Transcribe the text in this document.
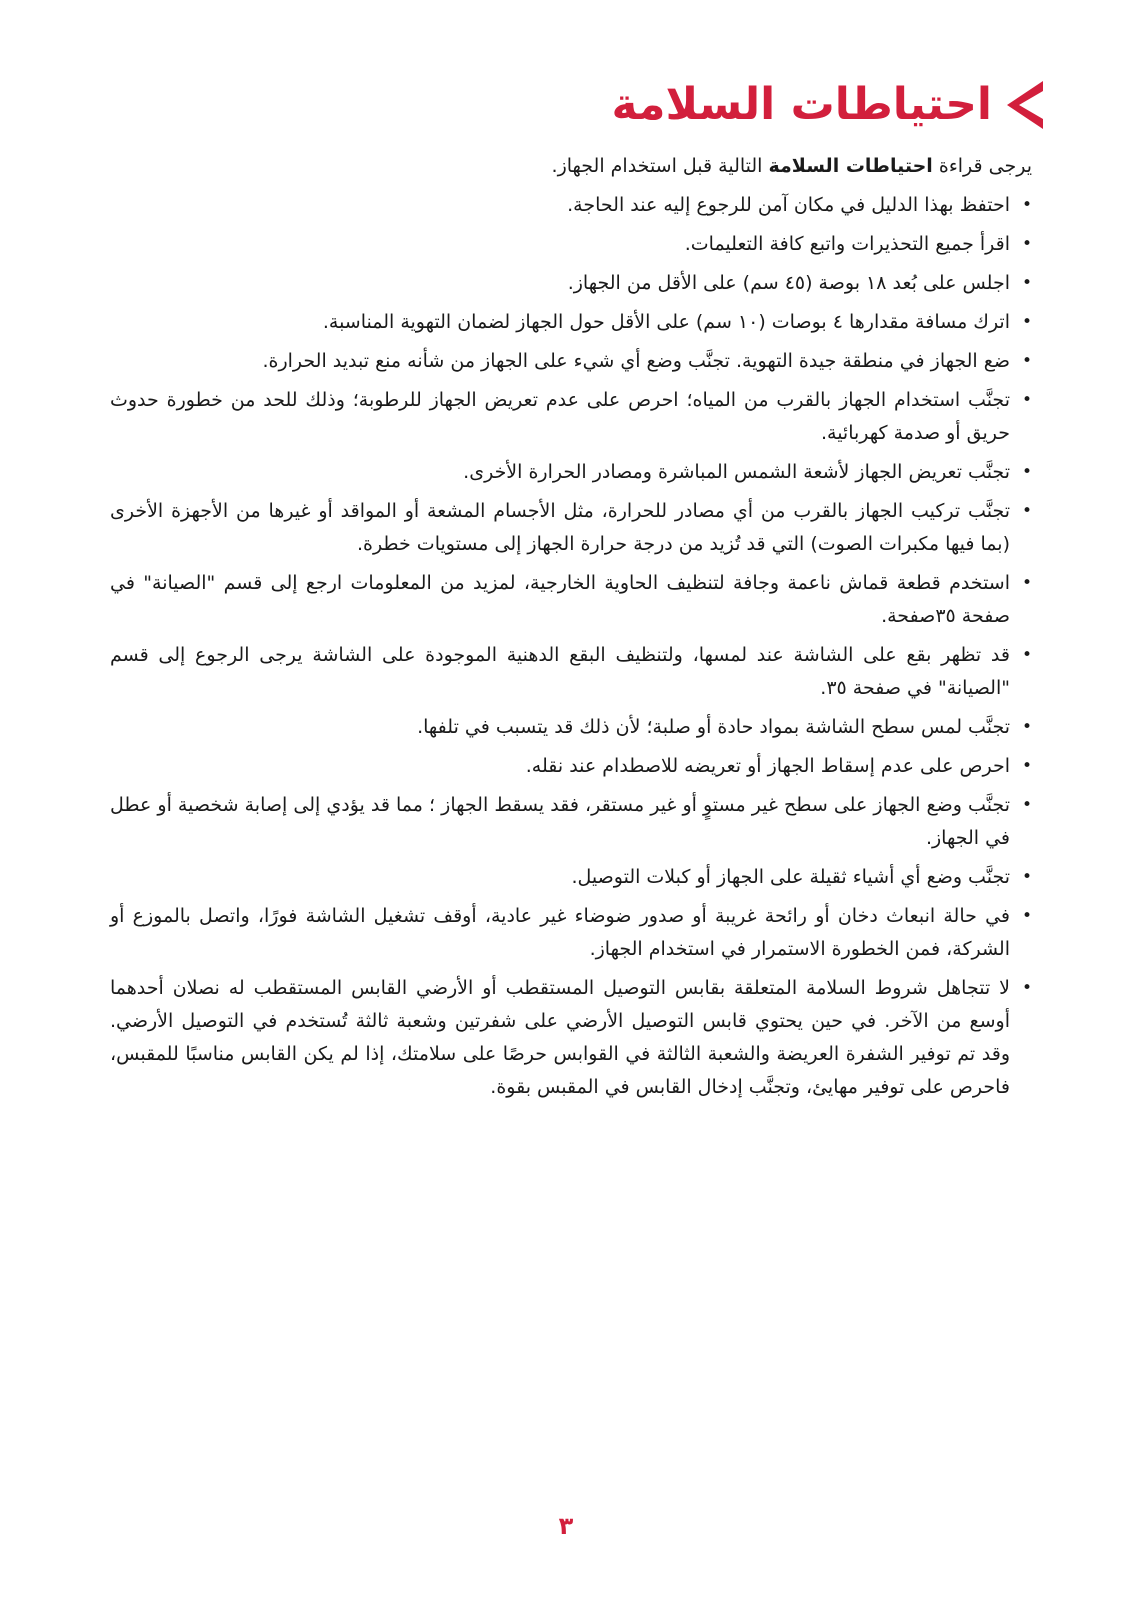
احتياطات السلامة

يرجى قراءة احتياطات السلامة التالية قبل استخدام الجهاز.

•
احتفظ بهذا الدليل في مكان آمن للرجوع إليه عند الحاجة.
•
اقرأ جميع التحذيرات واتبع كافة التعليمات.
•
اجلس على بُعد ١٨ بوصة (٤٥ سم) على الأقل من الجهاز.
•
اترك مسافة مقدارها ٤ بوصات (١٠ سم) على الأقل حول الجهاز لضمان التهوية المناسبة.
•
ضع الجهاز في منطقة جيدة التهوية. تجنَّب وضع أي شيء على الجهاز من شأنه منع تبديد الحرارة.
•
تجنَّب استخدام الجهاز بالقرب من المياه؛ احرص على عدم تعريض الجهاز للرطوبة؛ وذلك للحد من خطورة حدوث حريق أو صدمة كهربائية.
•
تجنَّب تعريض الجهاز لأشعة الشمس المباشرة ومصادر الحرارة الأخرى.
•
تجنَّب تركيب الجهاز بالقرب من أي مصادر للحرارة، مثل الأجسام المشعة أو المواقد أو غيرها من الأجهزة الأخرى (بما فيها مكبرات الصوت) التي قد تُزيد من درجة حرارة الجهاز إلى مستويات خطرة.
•
استخدم قطعة قماش ناعمة وجافة لتنظيف الحاوية الخارجية، لمزيد من المعلومات ارجع إلى قسم "الصيانة" في صفحة ٣٥صفحة.
•
قد تظهر بقع على الشاشة عند لمسها، ولتنظيف البقع الدهنية الموجودة على الشاشة يرجى الرجوع إلى قسم "الصيانة" في صفحة ٣٥.
•
تجنَّب لمس سطح الشاشة بمواد حادة أو صلبة؛ لأن ذلك قد يتسبب في تلفها.
•
احرص على عدم إسقاط الجهاز أو تعريضه للاصطدام عند نقله.
•
تجنَّب وضع الجهاز على سطح غير مستوٍ أو غير مستقر، فقد يسقط الجهاز ؛ مما قد يؤدي إلى إصابة شخصية أو عطل في الجهاز.
•
تجنَّب وضع أي أشياء ثقيلة على الجهاز أو كبلات التوصيل.
•
في حالة انبعاث دخان أو رائحة غريبة أو صدور ضوضاء غير عادية، أوقف تشغيل الشاشة فورًا، واتصل بالموزع أو الشركة، فمن الخطورة الاستمرار في استخدام الجهاز.
•
لا تتجاهل شروط السلامة المتعلقة بقابس التوصيل المستقطب أو الأرضي القابس المستقطب له نصلان أحدهما أوسع من الآخر. في حين يحتوي قابس التوصيل الأرضي على شفرتين وشعبة ثالثة تُستخدم في التوصيل الأرضي. وقد تم توفير الشفرة العريضة والشعبة الثالثة في القوابس حرصًا على سلامتك، إذا لم يكن القابس مناسبًا للمقبس، فاحرص على توفير مهايئ، وتجنَّب إدخال القابس في المقبس بقوة.
٣
